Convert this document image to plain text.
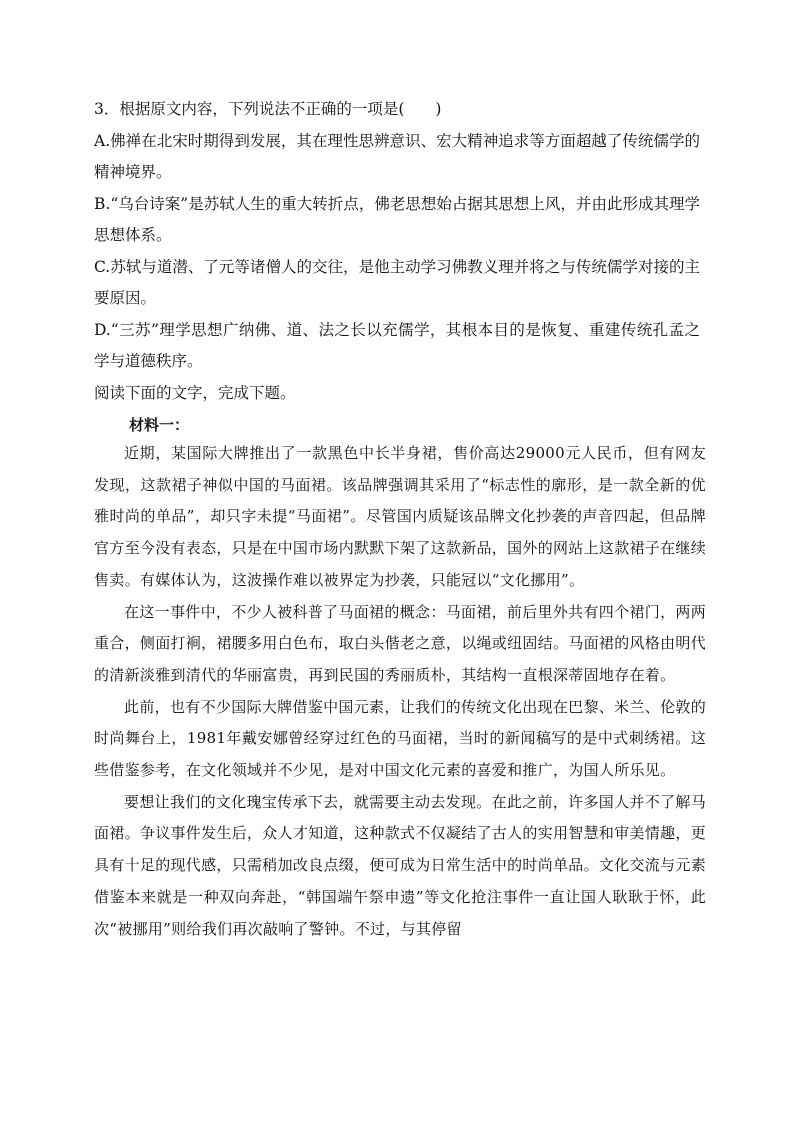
3．根据原文内容，下列说法不正确的一项是(　　)

A.佛禅在北宋时期得到发展，其在理性思辨意识、宏大精神追求等方面超越了传统儒学的精神境界。

B.“乌台诗案”是苏轼人生的重大转折点，佛老思想始占据其思想上风，并由此形成其理学思想体系。

C.苏轼与道潜、了元等诸僧人的交往，是他主动学习佛教义理并将之与传统儒学对接的主要原因。

D.“三苏”理学思想广纳佛、道、法之长以充儒学，其根本目的是恢复、重建传统孔孟之学与道德秩序。

阅读下面的文字，完成下题。

材料一：

近期，某国际大牌推出了一款黑色中长半身裙，售价高达29000元人民币，但有网友发现，这款裙子神似中国的马面裙。该品牌强调其采用了“标志性的廓形，是一款全新的优雅时尚的单品”，却只字未提“马面裙”。尽管国内质疑该品牌文化抄袭的声音四起，但品牌官方至今没有表态，只是在中国市场内默默下架了这款新品，国外的网站上这款裙子在继续售卖。有媒体认为，这波操作难以被界定为抄袭，只能冠以“文化挪用”。

在这一事件中，不少人被科普了马面裙的概念：马面裙，前后里外共有四个裙门，两两重合，侧面打裥，裙腰多用白色布，取白头偕老之意，以绳或纽固结。马面裙的风格由明代的清新淡雅到清代的华丽富贵，再到民国的秀丽质朴，其结构一直根深蒂固地存在着。

此前，也有不少国际大牌借鉴中国元素，让我们的传统文化出现在巴黎、米兰、伦敦的时尚舞台上，1981年戴安娜曾经穿过红色的马面裙，当时的新闻稿写的是中式刺绣裙。这些借鉴参考，在文化领域并不少见，是对中国文化元素的喜爱和推广，为国人所乐见。

要想让我们的文化瑰宝传承下去，就需要主动去发现。在此之前，许多国人并不了解马面裙。争议事件发生后，众人才知道，这种款式不仅凝结了古人的实用智慧和审美情趣，更具有十足的现代感，只需稍加改良点缀，便可成为日常生活中的时尚单品。文化交流与元素借鉴本来就是一种双向奔赴，“韩国端午祭申遗”等文化抢注事件一直让国人耿耿于怀，此次“被挪用”则给我们再次敲响了警钟。不过，与其停留
